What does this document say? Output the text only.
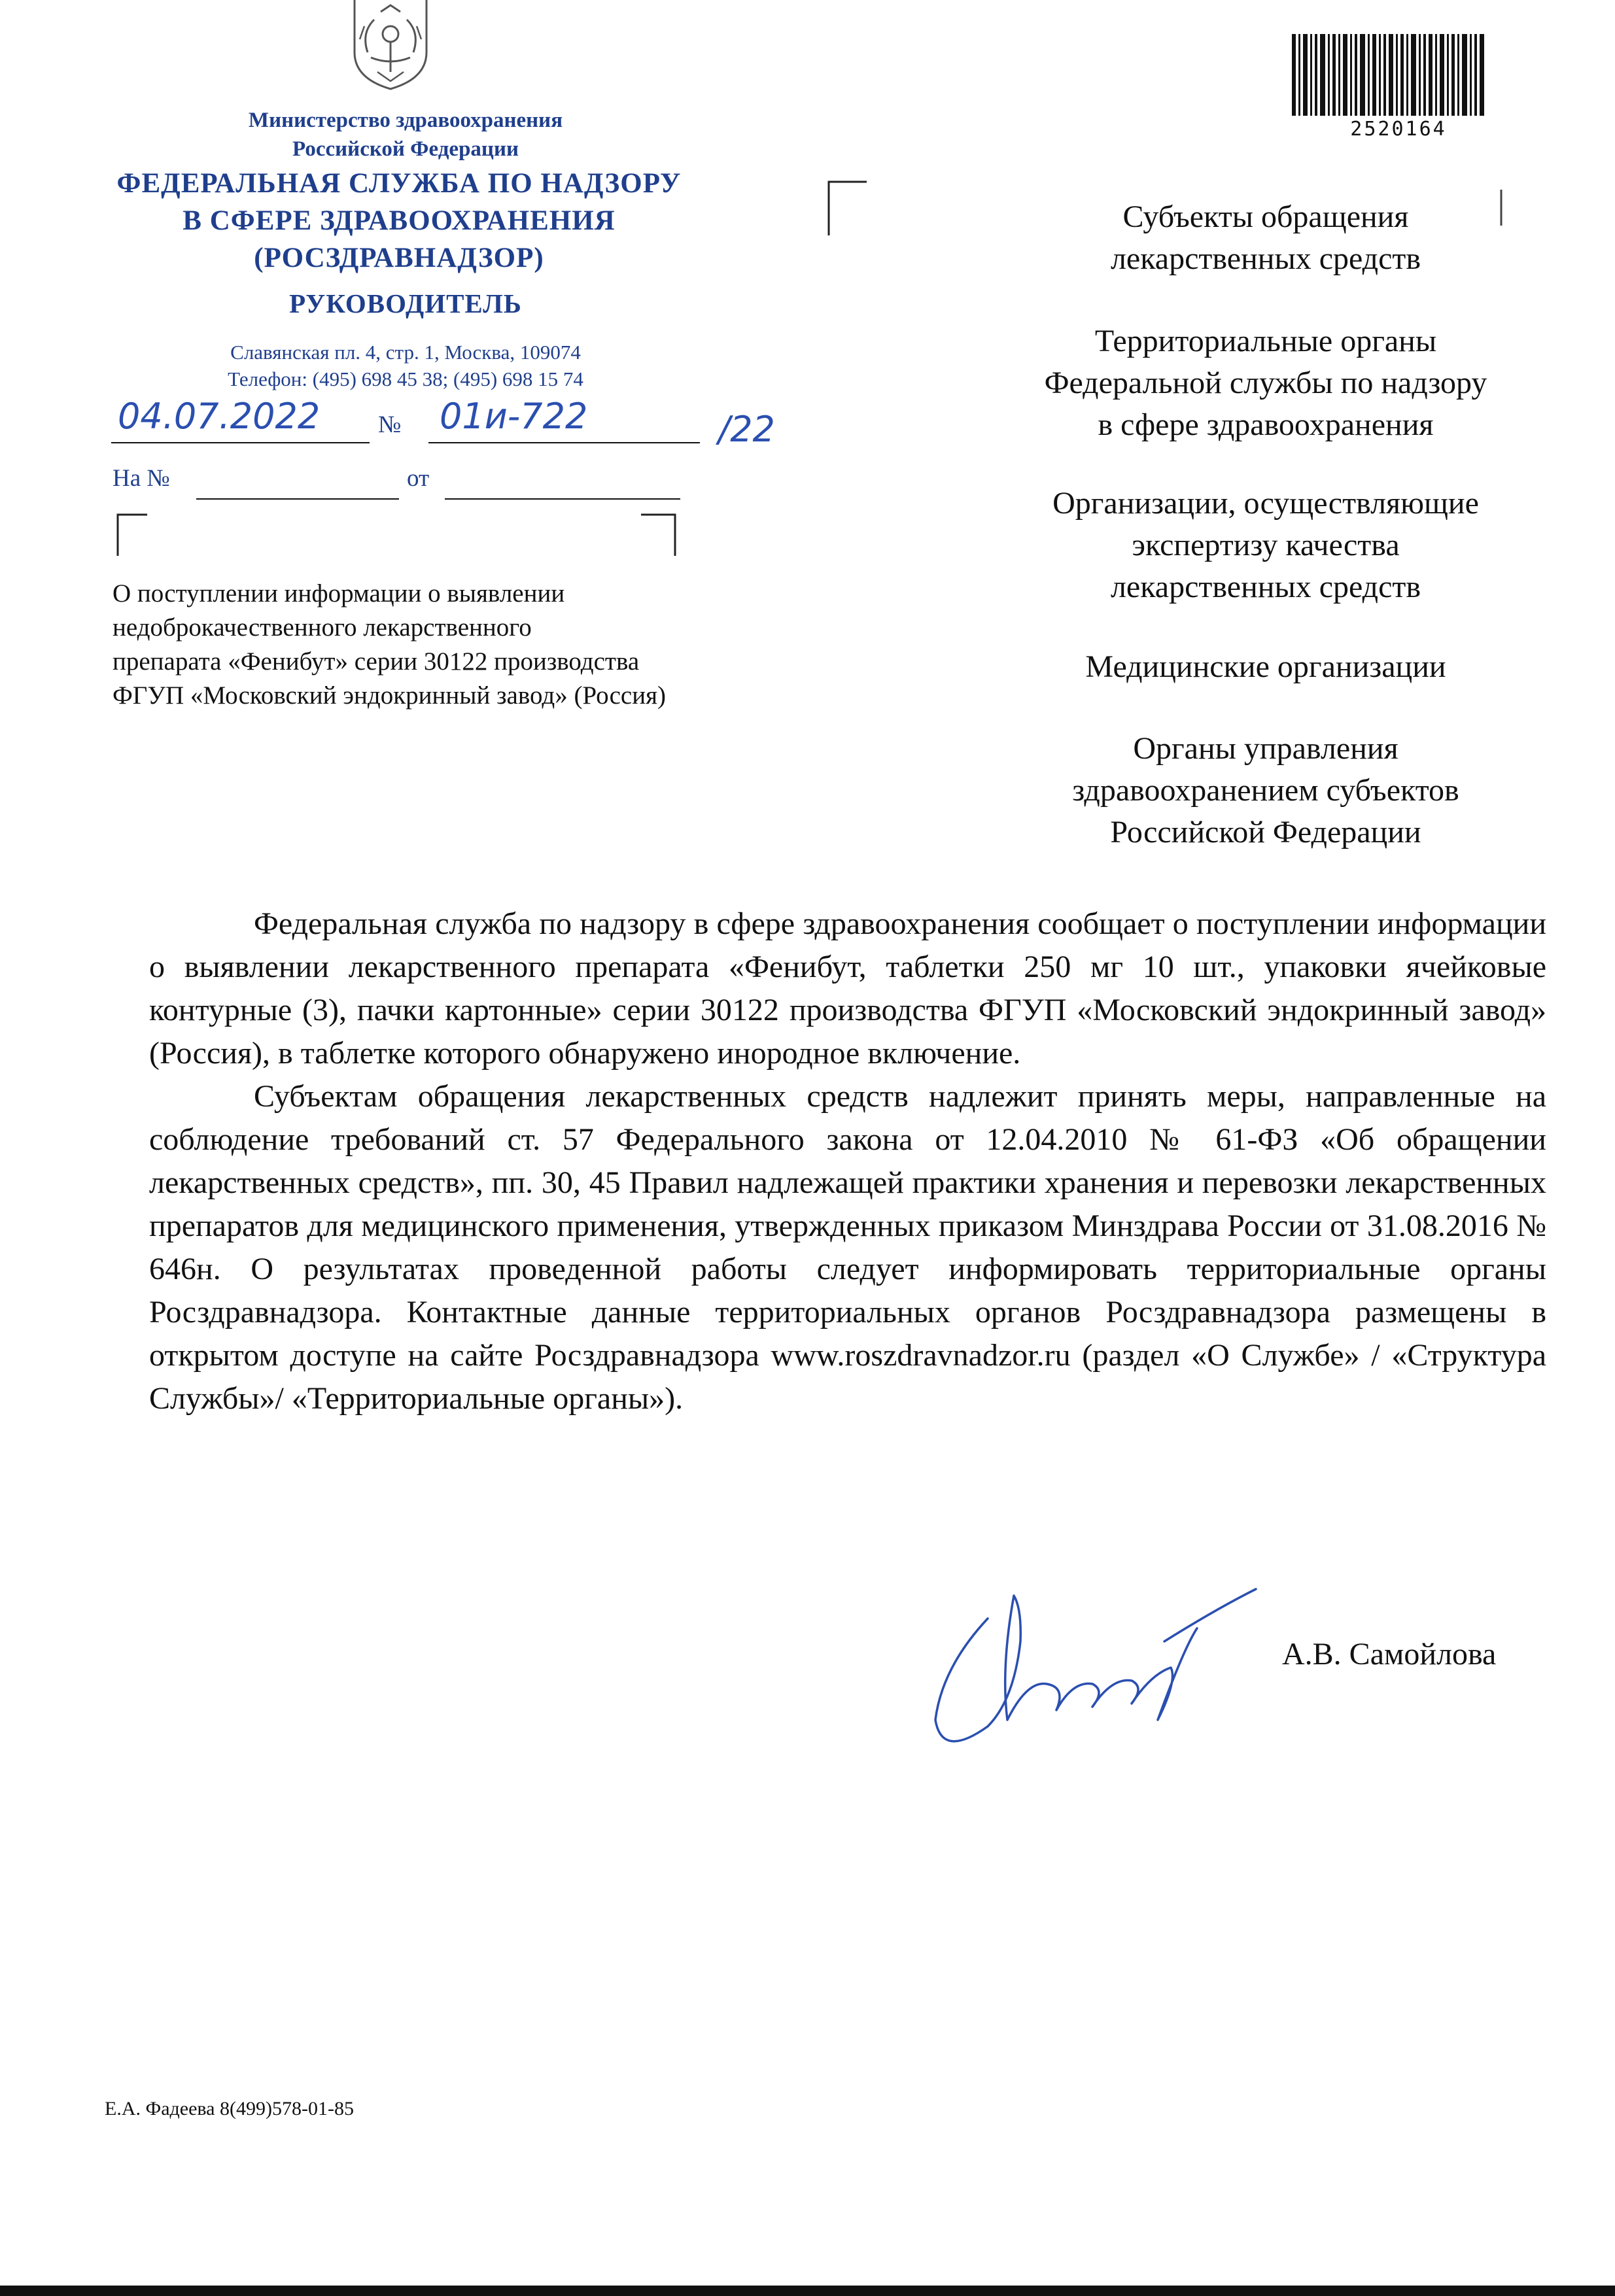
Министерство здравоохранения
Российской Федерации
ФЕДЕРАЛЬНАЯ СЛУЖБА ПО НАДЗОРУ
В СФЕРЕ ЗДРАВООХРАНЕНИЯ
(РОСЗДРАВНАДЗОР)
РУКОВОДИТЕЛЬ
Славянская пл. 4, стр. 1, Москва, 109074
Телефон: (495) 698 45 38; (495) 698 15 74
04.07.2022 № 01и-722	/22
На №	от
О поступлении информации о выявлении
недоброкачественного лекарственного
препарата «Фенибут» серии 30122 производства
ФГУП «Московский эндокринный завод» (Россия)
2520164
Субъекты обращения
лекарственных средств
Территориальные органы
Федеральной службы по надзору
в сфере здравоохранения
Организации, осуществляющие
экспертизу качества
лекарственных средств
Медицинские организации
Органы управления
здравоохранением субъектов
Российской Федерации

Федеральная служба по надзору в сфере здравоохранения сообщает о поступлении информации о выявлении лекарственного препарата «Фенибут, таблетки 250 мг 10 шт., упаковки ячейковые контурные (3), пачки картонные» серии 30122 производства ФГУП «Московский эндокринный завод» (Россия), в таблетке которого обнаружено инородное включение.

Субъектам обращения лекарственных средств надлежит принять меры, направленные на соблюдение требований ст. 57 Федерального закона от 12.04.2010 № 61-ФЗ «Об обращении лекарственных средств», пп. 30, 45 Правил надлежащей практики хранения и перевозки лекарственных препаратов для медицинского применения, утвержденных приказом Минздрава России от 31.08.2016 № 646н. О результатах проведенной работы следует информировать территориальные органы Росздравнадзора. Контактные данные территориальных органов Росздравнадзора размещены в открытом доступе на сайте Росздравнадзора www.roszdravnadzor.ru (раздел «О Службе» / «Структура Службы»/ «Территориальные органы»).

А.В. Самойлова
Е.А. Фадеева 8(499)578-01-85
